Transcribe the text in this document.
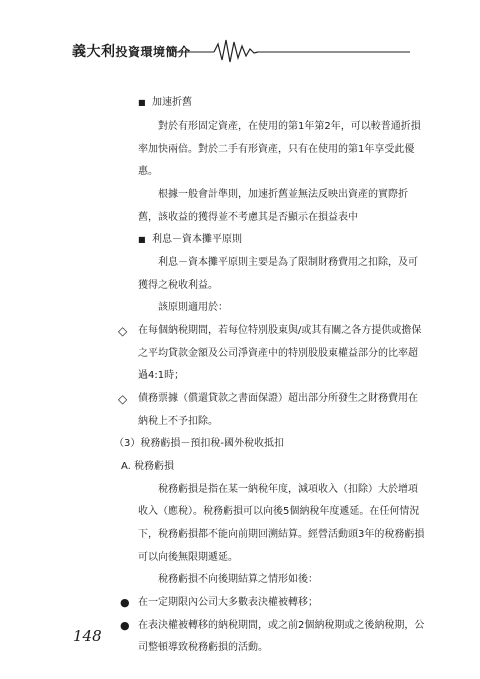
義大利投資環境簡介
■ 加速折舊
對於有形固定資產，在使用的第1年第2年，可以較普通折損
率加快兩倍。對於二手有形資產，只有在使用的第1年享受此優
惠。
根據一般會計準則，加速折舊並無法反映出資產的實際折
舊，該收益的獲得並不考慮其是否顯示在損益表中
■ 利息－資本攤平原則
利息－資本攤平原則主要是為了限制財務費用之扣除，及可
獲得之稅收利益。
該原則適用於：
◇ 在每個納稅期間，若每位特別股東與/或其有關之各方提供或擔保
之平均貸款金額及公司淨資產中的特別股股東權益部分的比率超
過4:1時；
◇ 債務票據（償還貸款之書面保證）超出部分所發生之財務費用在
納稅上不予扣除。
（3）稅務虧損－預扣稅-國外稅收抵扣
A. 稅務虧損
稅務虧損是指在某一納稅年度，減項收入（扣除）大於增項
收入（應稅）。稅務虧損可以向後5個納稅年度遞延。在任何情況
下，稅務虧損都不能向前期回溯結算。經營活動頭3年的稅務虧損
可以向後無限期遞延。
稅務虧損不向後期結算之情形如後：
● 在一定期限內公司大多數表決權被轉移；
● 在表決權被轉移的納稅期間，或之前2個納稅期或之後納稅期，公
司整頓導致稅務虧損的活動。
148
